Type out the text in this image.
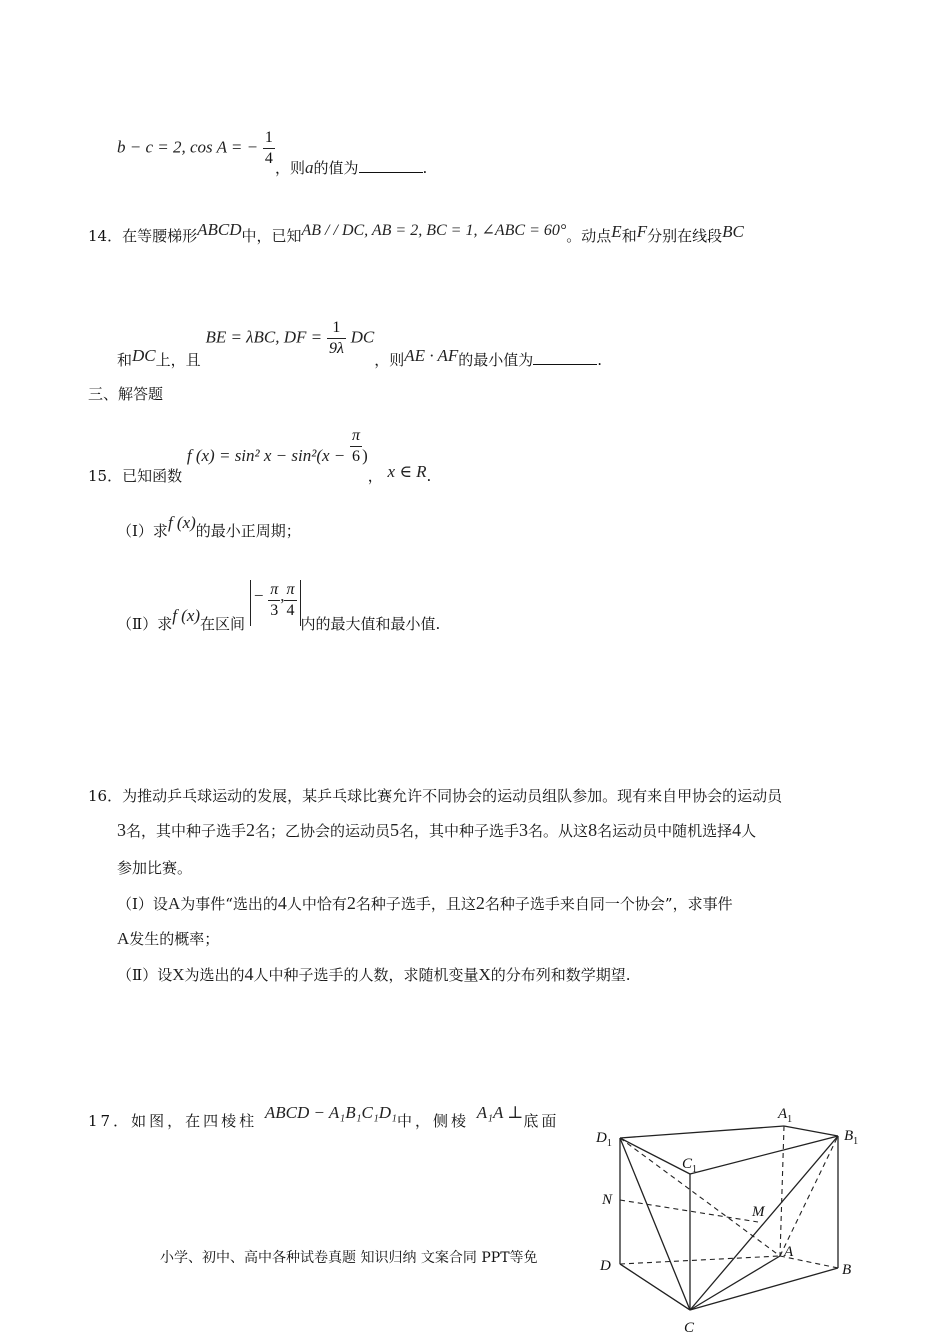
b − c = 2, cos A = − $\frac{1}{4}$ ，则a的值为	.
14．在等腰梯形ABCD中，已知AB / / DC, AB = 2, BC = 1, ∠ABC = 60°。动点E和F分别在线段BC
和DC上，且 BE = λBC, DF = $\frac{1}{9\lambda}$ DC，则AE · AF的最小值为	.
三、解答题
15．已知函数 f (x) = sin² $x - \sin^2(x - \frac{\pi}{6}$ )， x ∈ R.
（Ⅰ）求f (x)的最小正周期；
（Ⅱ）求f (x)在区间 − $\frac{\pi}{3}$ , $\frac{\pi}{4}$
内的最大值和最小值.
16．为推动乒乓球运动的发展，某乒乓球比赛允许不同协会的运动员组队参加。现有来自甲协会的运动员
3名，其中种子选手2名；乙协会的运动员5名，其中种子选手3名。从这8名运动员中随机选择4人
参加比赛。
（Ⅰ）设A为事件“选出的4人中恰有2名种子选手，且这2名种子选手来自同一个协会”，求事件
A发生的概率；
（Ⅱ）设X为选出的4人中种子选手的人数，求随机变量X的分布列和数学期望.
17．如图，在四棱柱 ABCD − A₁B₁C₁D₁中，侧棱 A₁A ⊥底面
小学、初中、高中各种试卷真题 知识归纳 文案合同 PPT等免
$D_1$
$A_1$
$B_1$
$C_1$
N
M
D
A
B
C
